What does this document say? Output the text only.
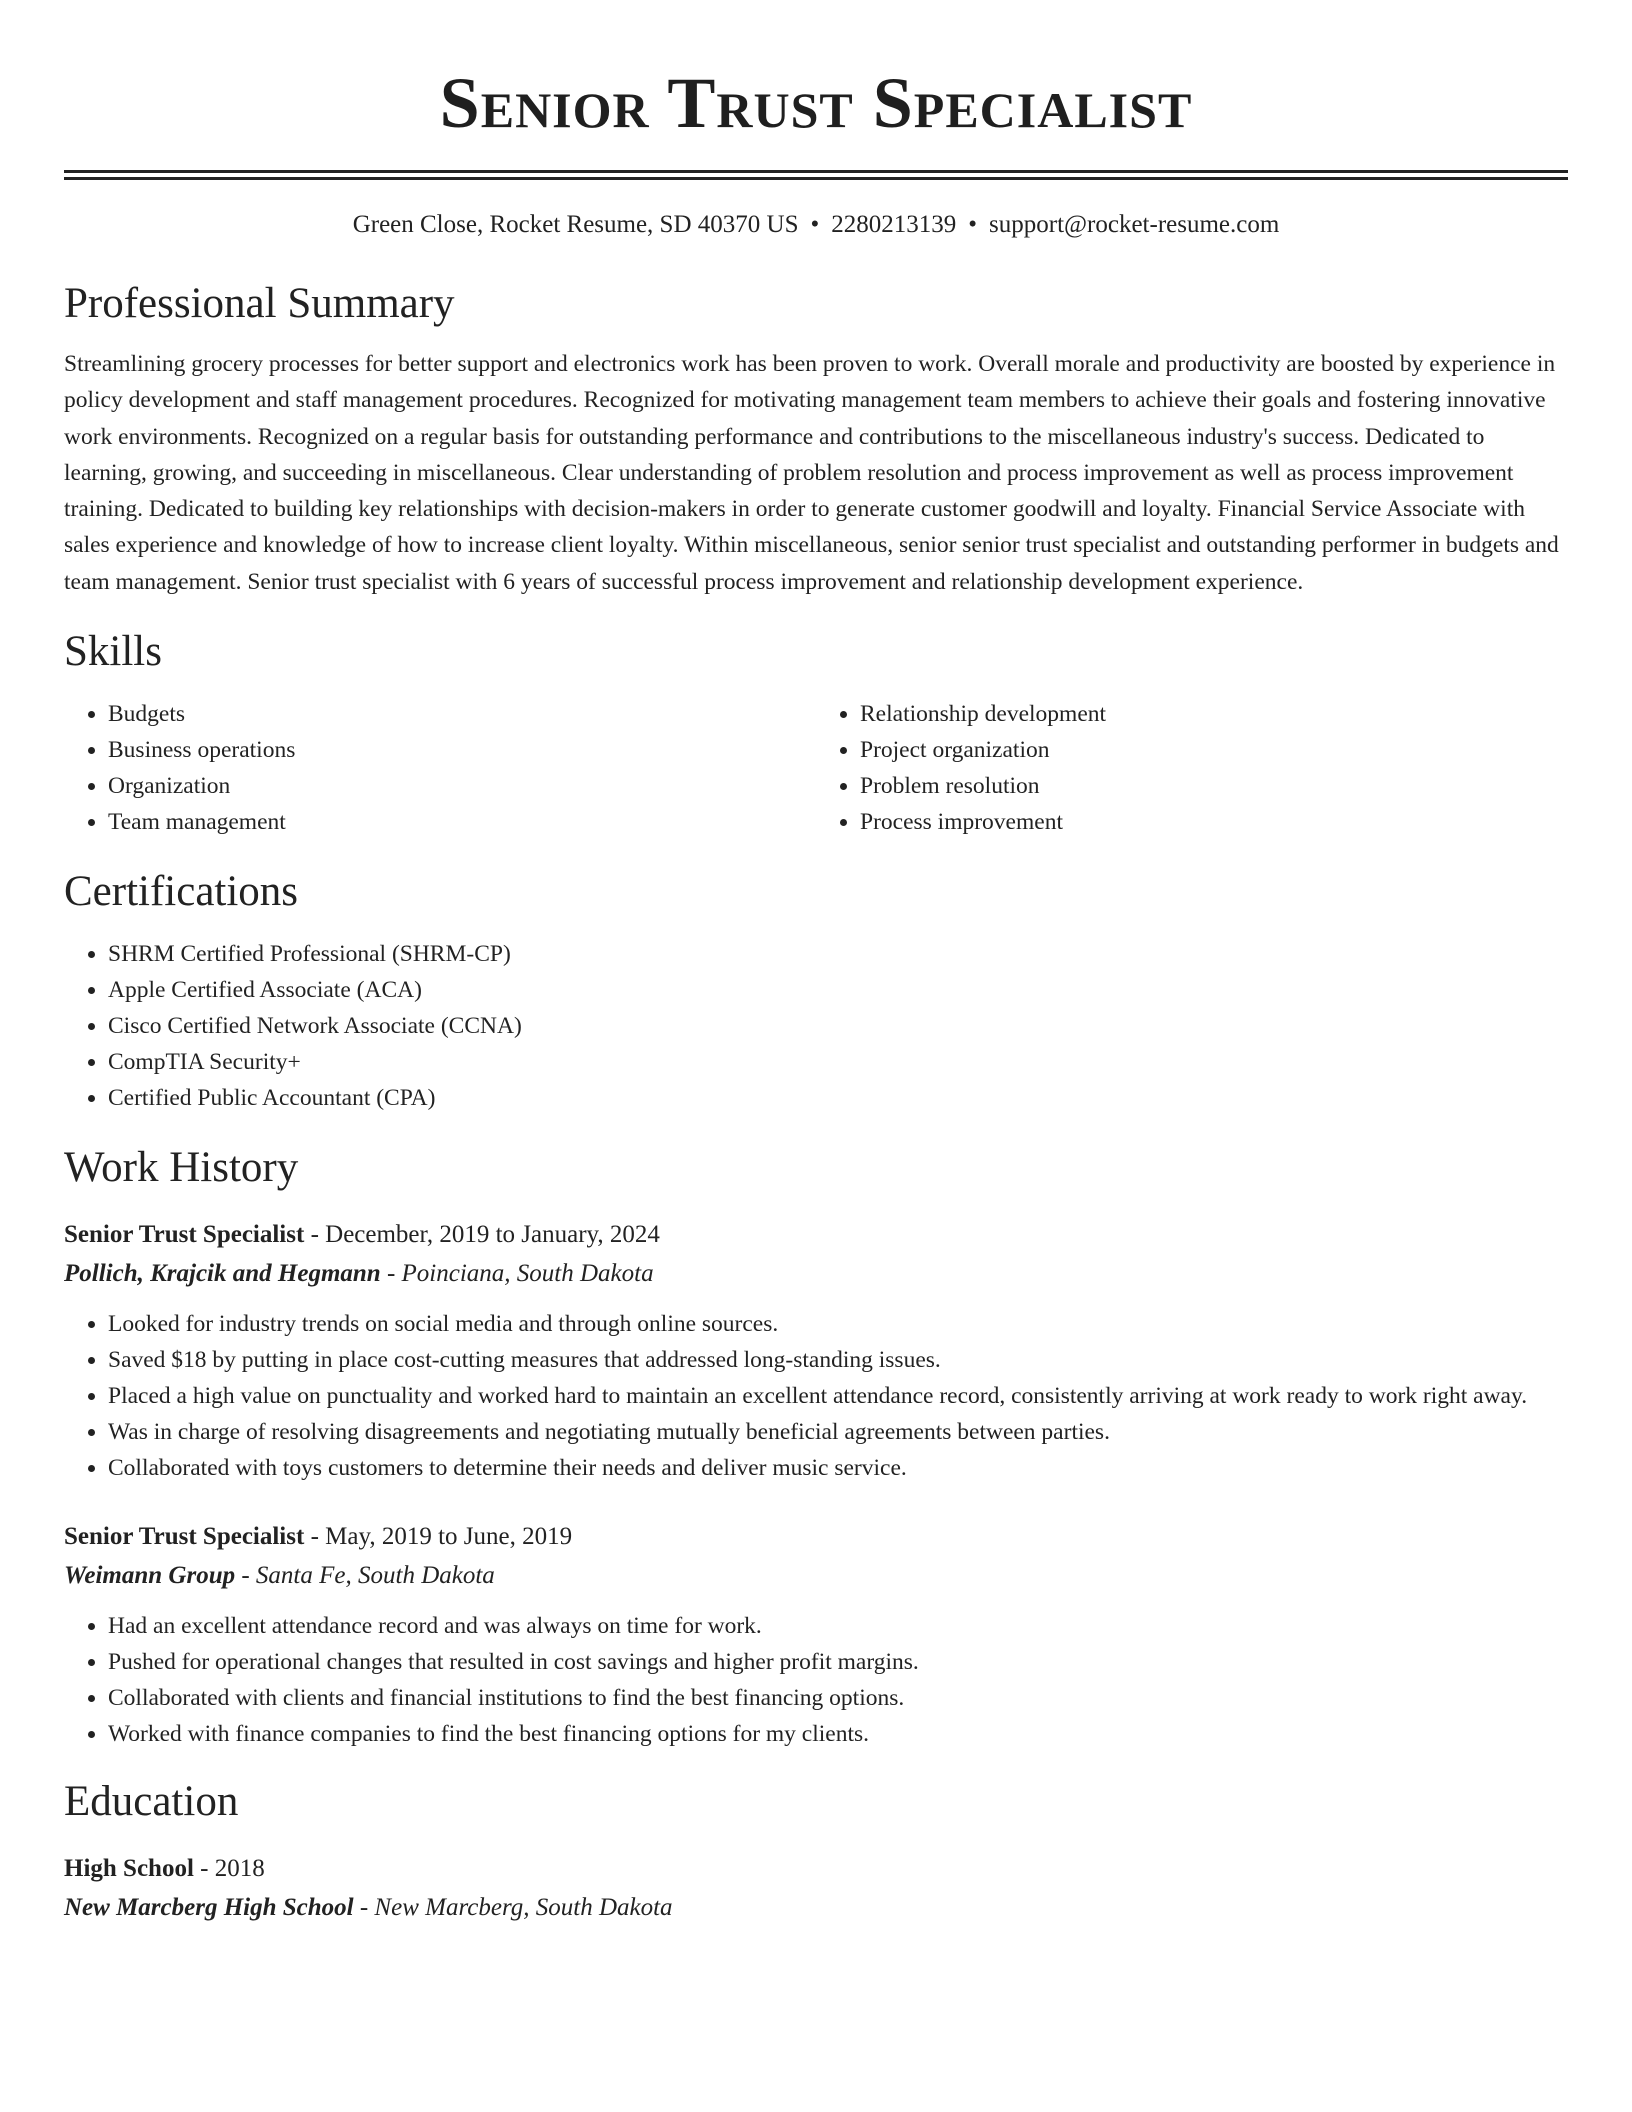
Senior Trust Specialist
Green Close, Rocket Resume, SD 40370 US • 2280213139 • support@rocket-resume.com
Professional Summary
Streamlining grocery processes for better support and electronics work has been proven to work. Overall morale and productivity are boosted by experience in policy development and staff management procedures. Recognized for motivating management team members to achieve their goals and fostering innovative work environments. Recognized on a regular basis for outstanding performance and contributions to the miscellaneous industry's success. Dedicated to learning, growing, and succeeding in miscellaneous. Clear understanding of problem resolution and process improvement as well as process improvement training. Dedicated to building key relationships with decision-makers in order to generate customer goodwill and loyalty. Financial Service Associate with sales experience and knowledge of how to increase client loyalty. Within miscellaneous, senior senior trust specialist and outstanding performer in budgets and team management. Senior trust specialist with 6 years of successful process improvement and relationship development experience.
Skills
• Budgets
• Business operations
• Organization
• Team management
• Relationship development
• Project organization
• Problem resolution
• Process improvement
Certifications
• SHRM Certified Professional (SHRM-CP)
• Apple Certified Associate (ACA)
• Cisco Certified Network Associate (CCNA)
• CompTIA Security+
• Certified Public Accountant (CPA)
Work History
Senior Trust Specialist - December, 2019 to January, 2024
Pollich, Krajcik and Hegmann - Poinciana, South Dakota
• Looked for industry trends on social media and through online sources.
• Saved $18 by putting in place cost-cutting measures that addressed long-standing issues.
• Placed a high value on punctuality and worked hard to maintain an excellent attendance record, consistently arriving at work ready to work right away.
• Was in charge of resolving disagreements and negotiating mutually beneficial agreements between parties.
• Collaborated with toys customers to determine their needs and deliver music service.
Senior Trust Specialist - May, 2019 to June, 2019
Weimann Group - Santa Fe, South Dakota
• Had an excellent attendance record and was always on time for work.
• Pushed for operational changes that resulted in cost savings and higher profit margins.
• Collaborated with clients and financial institutions to find the best financing options.
• Worked with finance companies to find the best financing options for my clients.
Education
High School - 2018
New Marcberg High School - New Marcberg, South Dakota
